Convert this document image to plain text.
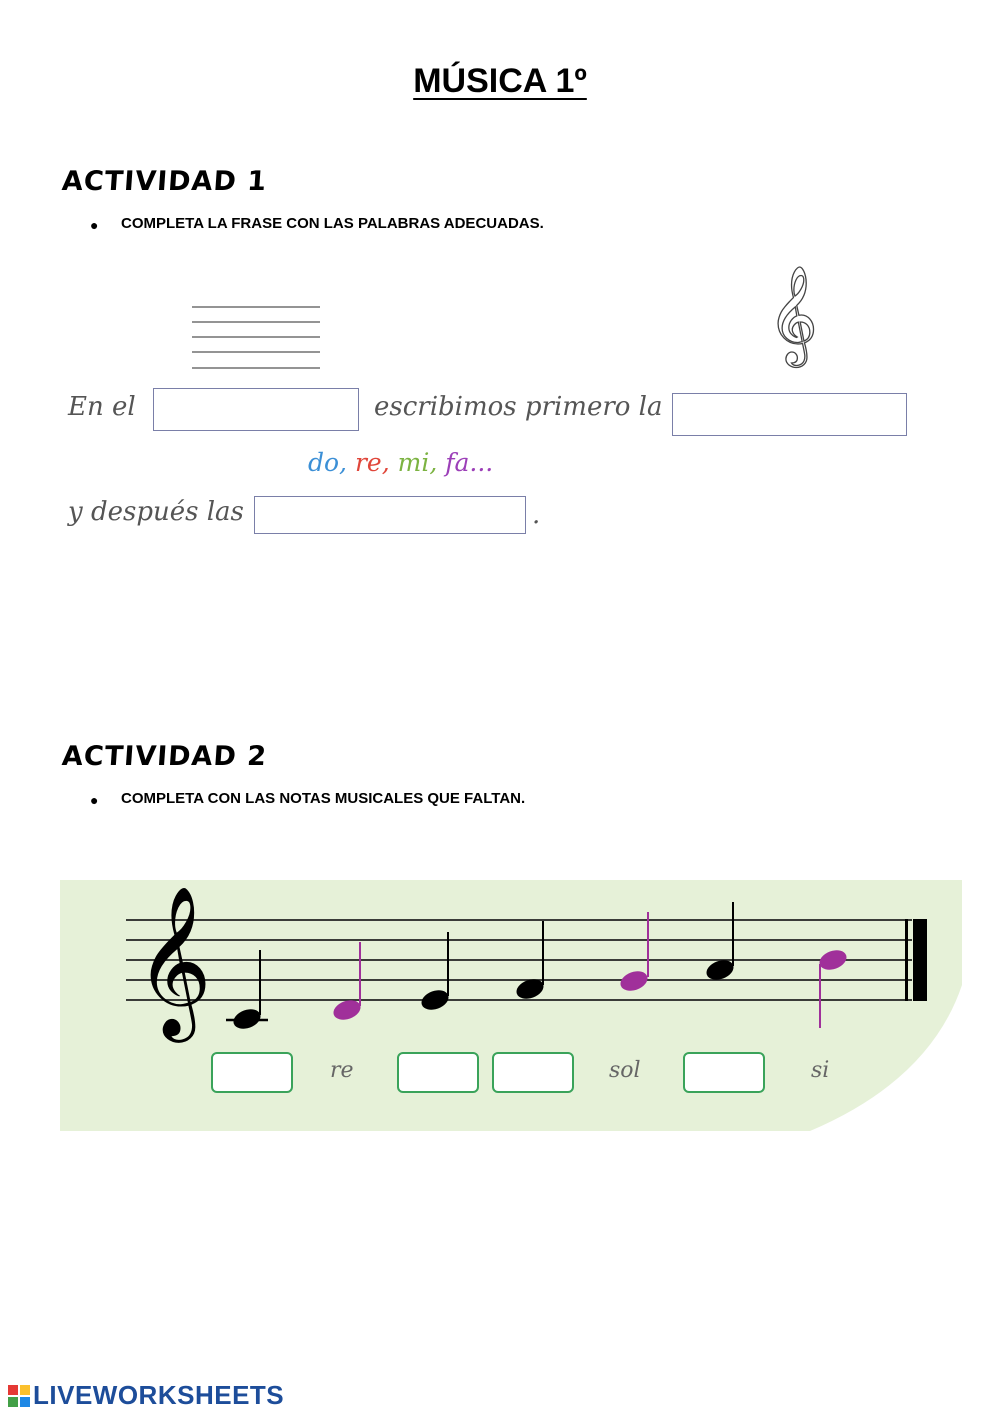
MÚSICA 1º
ACTIVIDAD 1
● COMPLETA LA FRASE CON LAS PALABRAS ADECUADAS.
𝄞
En el	escribimos primero la
do, re, mi, fa...
y después las	.
ACTIVIDAD 2
● COMPLETA CON LAS NOTAS MUSICALES QUE FALTAN.
𝄞
re	sol	si
LIVEWORKSHEETS
